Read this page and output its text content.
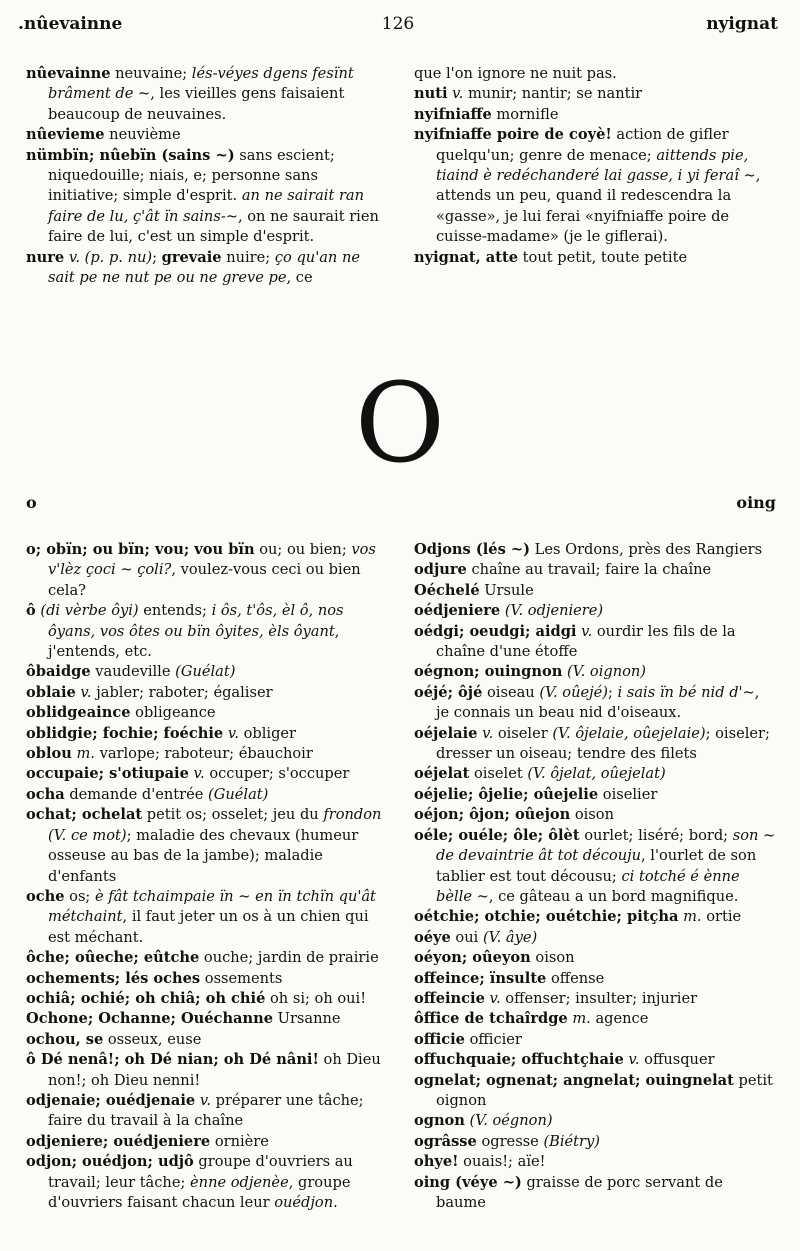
.nûevainne	126	nyignat

nûevainne neuvaine; lés-véyes dgens fesïnt brâment de ~, les vieilles gens faisaient beaucoup de neuvaines.

nûevieme neuvième

nümbïn; nûebïn (sains ~) sans escient; niquedouille; niais, e; personne sans initiative; simple d'esprit. an ne sairait ran faire de lu, ç'ât ïn sains-~, on ne saurait rien faire de lui, c'est un simple d'esprit.

nure v. (p. p. nu); grevaie nuire; ço qu'an ne sait pe ne nut pe ou ne greve pe, ce

que l'on ignore ne nuit pas.

nuti v. munir; nantir; se nantir

nyifniaffe mornifle

nyifniaffe poire de coyè! action de gifler quelqu'un; genre de menace; aittends pie, tiaind è redéchanderé lai gasse, i yi feraî ~, attends un peu, quand il redescendra la «gasse», je lui ferai «nyifniaffe poire de cuisse-madame» (je le giflerai).

nyignat, atte tout petit, toute petite

O
o	oing

o; obïn; ou bïn; vou; vou bïn ou; ou bien; vos v'lèz çoci ~ çoli?, voulez-vous ceci ou bien cela?

ô (di vèrbe ôyi) entends; i ôs, t'ôs, èl ô, nos ôyans, vos ôtes ou bïn ôyites, èls ôyant, j'entends, etc.

ôbaidge vaudeville (Guélat)

oblaie v. jabler; raboter; égaliser

oblidgeaince obligeance

oblidgie; fochie; foéchie v. obliger

oblou m. varlope; raboteur; ébauchoir

occupaie; s'otiupaie v. occuper; s'occuper

ocha demande d'entrée (Guélat)

ochat; ochelat petit os; osselet; jeu du frondon (V. ce mot); maladie des chevaux (humeur osseuse au bas de la jambe); maladie d'enfants

oche os; è fât tchaimpaie ïn ~ en ïn tchïn qu'ât métchaint, il faut jeter un os à un chien qui est méchant.

ôche; oûeche; eûtche ouche; jardin de prairie

ochements; lés oches ossements

ochiâ; ochié; oh chiâ; oh chié oh si; oh oui!

Ochone; Ochanne; Ouéchanne Ursanne

ochou, se osseux, euse

ô Dé nenâ!; oh Dé nian; oh Dé nâni! oh Dieu non!; oh Dieu nenni!

odjenaie; ouédjenaie v. préparer une tâche; faire du travail à la chaîne

odjeniere; ouédjeniere ornière

odjon; ouédjon; udjô groupe d'ouvriers au travail; leur tâche; ènne odjenèe, groupe d'ouvriers faisant chacun leur ouédjon.

Odjons (lés ~) Les Ordons, près des Rangiers

odjure chaîne au travail; faire la chaîne

Oéchelé Ursule

oédjeniere (V. odjeniere)

oédgi; oeudgi; aidgi v. ourdir les fils de la chaîne d'une étoffe

oégnon; ouingnon (V. oignon)

oéjé; ôjé oiseau (V. oûejé); i sais ïn bé nid d'~, je connais un beau nid d'oiseaux.

oéjelaie v. oiseler (V. ôjelaie, oûejelaie); oiseler; dresser un oiseau; tendre des filets

oéjelat oiselet (V. ôjelat, oûejelat)

oéjelie; ôjelie; oûejelie oiselier

oéjon; ôjon; oûejon oison

oéle; ouéle; ôle; ôlèt ourlet; liséré; bord; son ~ de devaintrie ât tot découju, l'ourlet de son tablier est tout décousu; ci totché é ènne bèlle ~, ce gâteau a un bord magnifique.

oétchie; otchie; ouétchie; pitçha m. ortie

oéye oui (V. âye)

oéyon; oûeyon oison

offeince; ïnsulte offense

offeincie v. offenser; insulter; injurier

ôffice de tchaîrdge m. agence

officie officier

offuchquaie; offuchtçhaie v. offusquer

ognelat; ognenat; angnelat; ouingnelat petit oignon

ognon (V. oégnon)

ogrâsse ogresse (Biétry)

ohye! ouais!; aïe!

oing (véye ~) graisse de porc servant de baume
